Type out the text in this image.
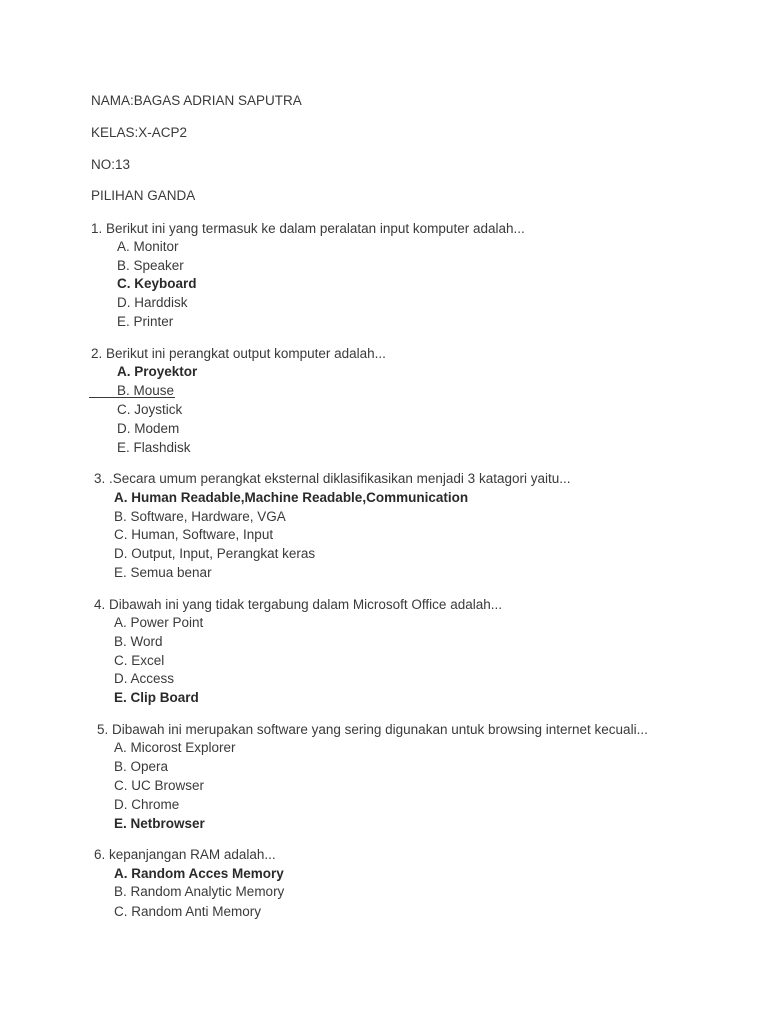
NAMA:BAGAS ADRIAN SAPUTRA
KELAS:X-ACP2
NO:13
PILIHAN GANDA
1. Berikut ini yang termasuk ke dalam peralatan input komputer adalah...
A. Monitor
B. Speaker
C. Keyboard
D. Harddisk
E. Printer
2. Berikut ini perangkat output komputer adalah...
A. Proyektor
B. Mouse
C. Joystick
D. Modem
E. Flashdisk
3. .Secara umum perangkat eksternal diklasifikasikan menjadi 3 katagori yaitu...
A. Human Readable,Machine Readable,Communication
B. Software, Hardware, VGA
C. Human, Software, Input
D. Output, Input, Perangkat keras
E. Semua benar
4. Dibawah ini yang tidak tergabung dalam Microsoft Office adalah...
A. Power Point
B. Word
C. Excel
D. Access
E. Clip Board
5. Dibawah ini merupakan software yang sering digunakan untuk browsing internet kecuali...
A. Micorost Explorer
B. Opera
C. UC Browser
D. Chrome
E. Netbrowser
6. kepanjangan RAM adalah...
A. Random Acces Memory
B. Random Analytic Memory
C. Random Anti Memory
